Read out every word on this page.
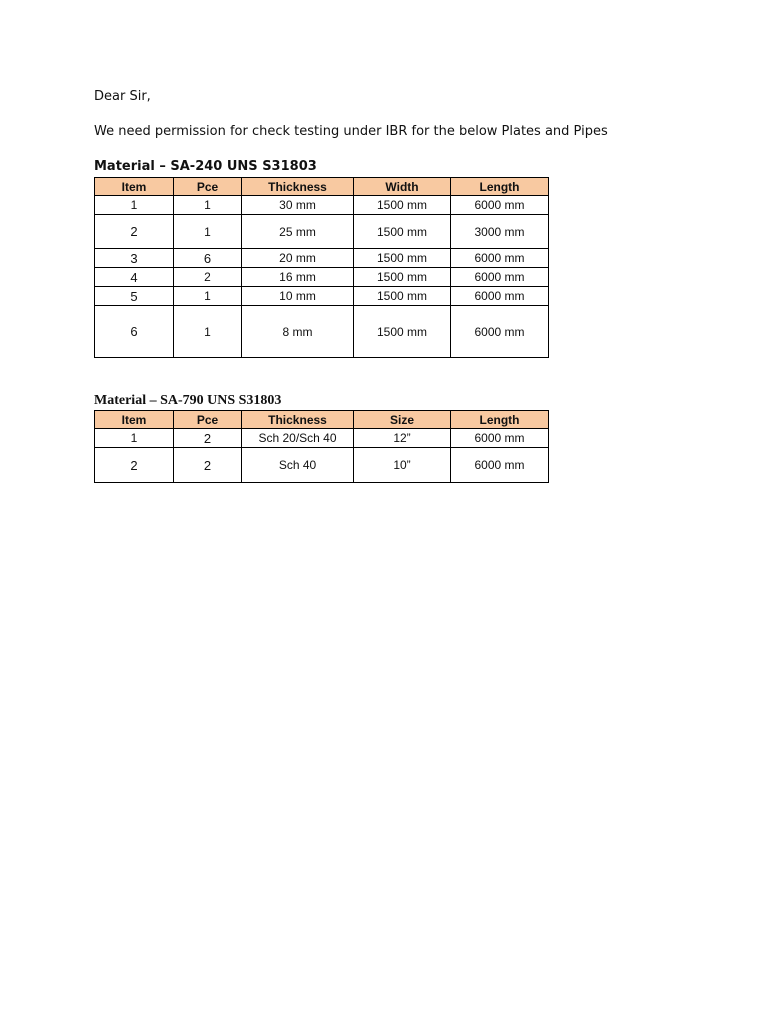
Dear Sir,
We need permission for check testing under IBR for the below Plates and Pipes
Material – SA-240 UNS S31803
Item	Pce	Thickness	Width	Length
1	1	30 mm	1500 mm	6000 mm
2	1	25 mm	1500 mm	3000 mm
3	6	20 mm	1500 mm	6000 mm
4	2	16 mm	1500 mm	6000 mm
5	1	10 mm	1500 mm	6000 mm
6	1	8 mm	1500 mm	6000 mm
Material – SA-790 UNS S31803
Item	Pce	Thickness	Size	Length
1	2	Sch 20/Sch 40	12”	6000 mm
2	2	Sch 40	10”	6000 mm
